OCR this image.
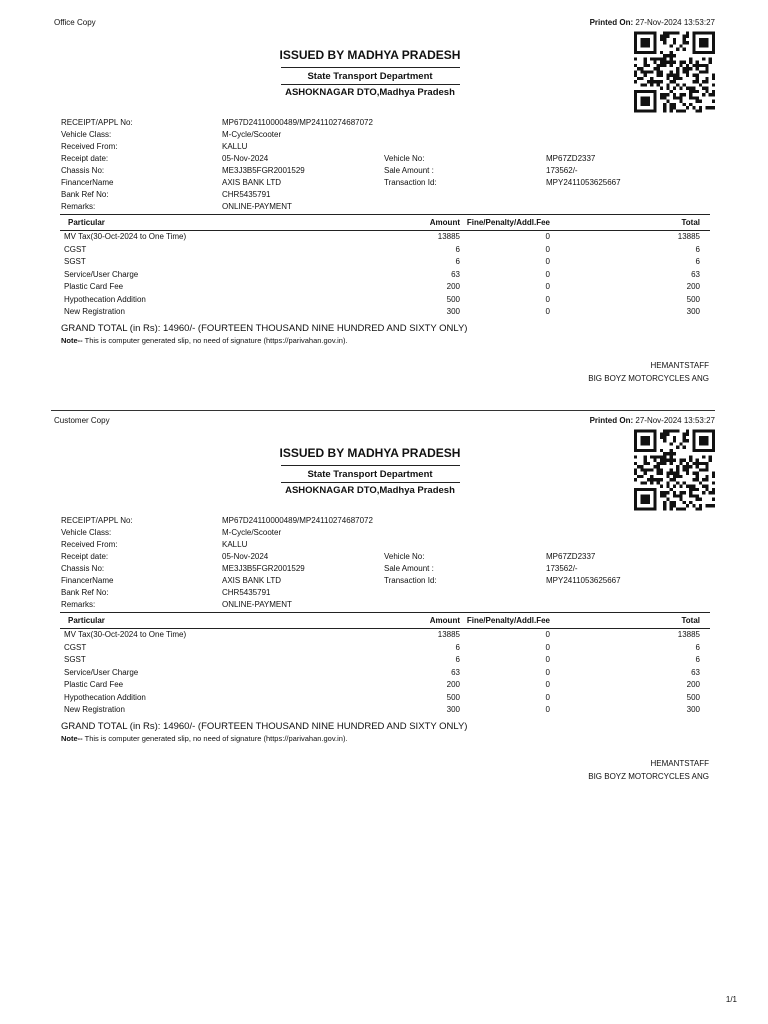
Office Copy	Printed On: 27-Nov-2024 13:53:27
ISSUED BY MADHYA PRADESH
State Transport Department
ASHOKNAGAR DTO,Madhya Pradesh
RECEIPT/APPL No:	MP67D24110000489/MP24110274687072
Vehicle Class:	M-Cycle/Scooter
Received From:	KALLU
Receipt date:	05-Nov-2024	Vehicle No:	MP67ZD2337
Chassis No:	ME3J3B5FGR2001529	Sale Amount :	173562/-
FinancerName	AXIS BANK LTD	Transaction Id:	MPY2411053625667
Bank Ref No:	CHR5435791
Remarks:	ONLINE-PAYMENT
Particular	Amount Fine/Penalty/Addl.Fee	Total
MV Tax(30-Oct-2024 to One Time)	13885	0	13885
CGST	6	0	6
SGST	6	0	6
Service/User Charge	63	0	63
Plastic Card Fee	200	0	200
Hypothecation Addition	500	0	500
New Registration	300	0	300
GRAND TOTAL (in Rs): 14960/- (FOURTEEN THOUSAND NINE HUNDRED AND SIXTY ONLY)
Note-- This is computer generated slip, no need of signature (https://parivahan.gov.in).
HEMANTSTAFF
BIG BOYZ MOTORCYCLES ANG
Customer Copy	Printed On: 27-Nov-2024 13:53:27
ISSUED BY MADHYA PRADESH
State Transport Department
ASHOKNAGAR DTO,Madhya Pradesh
RECEIPT/APPL No:	MP67D24110000489/MP24110274687072
Vehicle Class:	M-Cycle/Scooter
Received From:	KALLU
Receipt date:	05-Nov-2024	Vehicle No:	MP67ZD2337
Chassis No:	ME3J3B5FGR2001529	Sale Amount :	173562/-
FinancerName	AXIS BANK LTD	Transaction Id:	MPY2411053625667
Bank Ref No:	CHR5435791
Remarks:	ONLINE-PAYMENT
Particular	Amount Fine/Penalty/Addl.Fee	Total
MV Tax(30-Oct-2024 to One Time)	13885	0	13885
CGST	6	0	6
SGST	6	0	6
Service/User Charge	63	0	63
Plastic Card Fee	200	0	200
Hypothecation Addition	500	0	500
New Registration	300	0	300
GRAND TOTAL (in Rs): 14960/- (FOURTEEN THOUSAND NINE HUNDRED AND SIXTY ONLY)
Note-- This is computer generated slip, no need of signature (https://parivahan.gov.in).
HEMANTSTAFF
BIG BOYZ MOTORCYCLES ANG
1/1
